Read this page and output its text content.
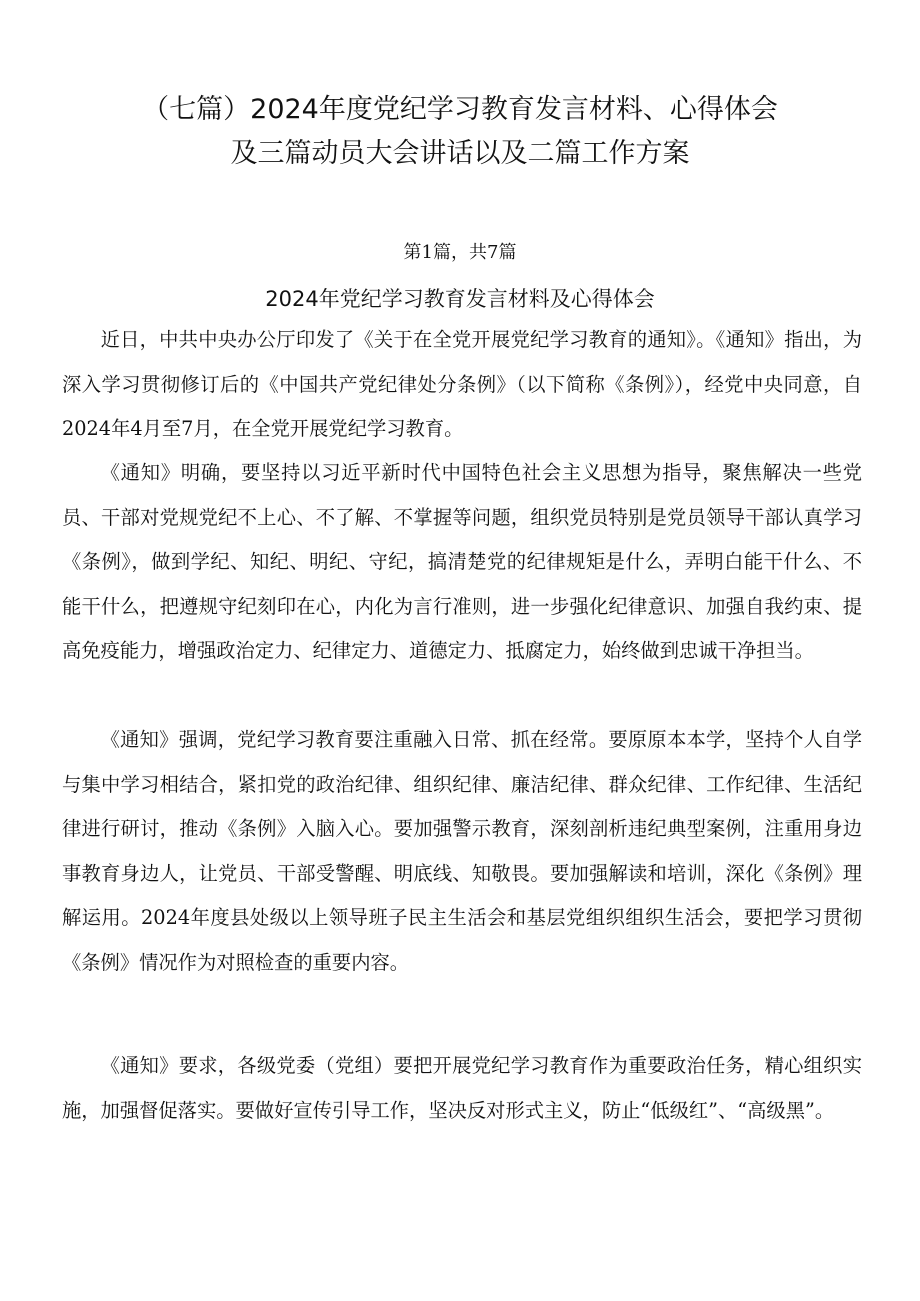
（七篇）2024年度党纪学习教育发言材料、心得体会
及三篇动员大会讲话以及二篇工作方案
第1篇，共7篇
2024年党纪学习教育发言材料及心得体会

近日，中共中央办公厅印发了《关于在全党开展党纪学习教育的通知》。《通知》指出，为深入学习贯彻修订后的《中国共产党纪律处分条例》（以下简称《条例》），经党中央同意，自2024年4月至7月，在全党开展党纪学习教育。

《通知》明确，要坚持以习近平新时代中国特色社会主义思想为指导，聚焦解决一些党员、干部对党规党纪不上心、不了解、不掌握等问题，组织党员特别是党员领导干部认真学习《条例》，做到学纪、知纪、明纪、守纪，搞清楚党的纪律规矩是什么，弄明白能干什么、不能干什么，把遵规守纪刻印在心，内化为言行准则，进一步强化纪律意识、加强自我约束、提高免疫能力，增强政治定力、纪律定力、道德定力、抵腐定力，始终做到忠诚干净担当。

《通知》强调，党纪学习教育要注重融入日常、抓在经常。要原原本本学，坚持个人自学与集中学习相结合，紧扣党的政治纪律、组织纪律、廉洁纪律、群众纪律、工作纪律、生活纪律进行研讨，推动《条例》入脑入心。要加强警示教育，深刻剖析违纪典型案例，注重用身边事教育身边人，让党员、干部受警醒、明底线、知敬畏。要加强解读和培训，深化《条例》理解运用。2024年度县处级以上领导班子民主生活会和基层党组织组织生活会，要把学习贯彻《条例》情况作为对照检查的重要内容。

《通知》要求，各级党委（党组）要把开展党纪学习教育作为重要政治任务，精心组织实施，加强督促落实。要做好宣传引导工作，坚决反对形式主义，防止“低级红”、“高级黑”。
